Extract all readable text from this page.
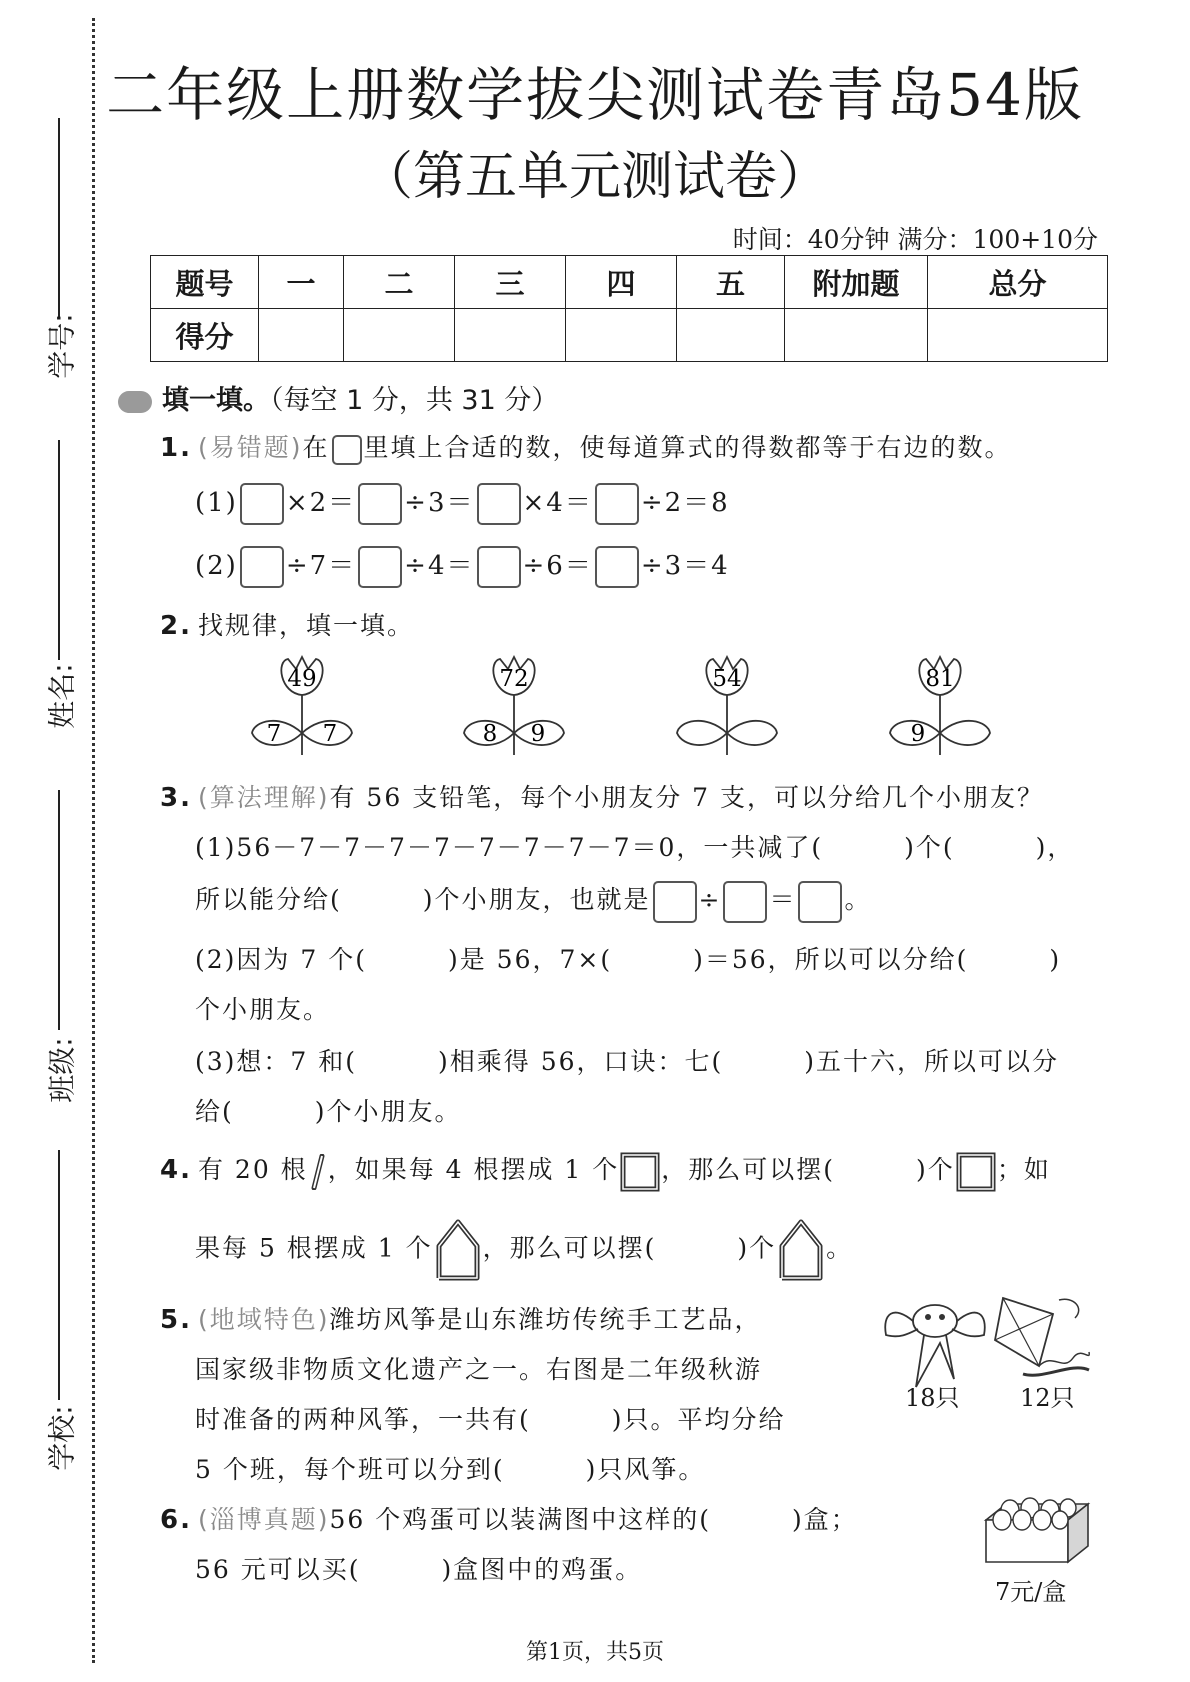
学号:
姓名:
班级:
学校:
二年级上册数学拔尖测试卷青岛54版
（第五单元测试卷）
时间：40分钟 满分：100+10分
题号	一	二	三	四	五	附加题	总分
得分							
填一填。（每空 1 分，共 31 分）
1. (易错题)在 里填上合适的数，使每道算式的得数都等于右边的数。
(1) ×2＝ ÷3＝ ×4＝ ÷2＝8
(2) ÷7＝ ÷4＝ ÷6＝ ÷3＝4
2. 找规律，填一填。
49
7 7
72
8 9
54	81
9
3. (算法理解)有 56 支铅笔，每个小朋友分 7 支，可以分给几个小朋友？
(1)56－7－7－7－7－7－7－7－7＝0，一共减了(　　　)个(　　　)，
所以能分给(　　　)个小朋友，也就是 ÷ ＝ 。
(2)因为 7 个(　　　)是 56，7×(　　　)＝56，所以可以分给(　　　)
个小朋友。
(3)想：7 和(　　　)相乘得 56，口诀：七(　　　)五十六，所以可以分
给(　　　)个小朋友。
4. 有 20 根 ，如果每 4 根摆成 1 个 ，那么可以摆(　　　)个 ；如
果每 5 根摆成 1 个 ，那么可以摆(　　　)个 。
5. (地域特色)潍坊风筝是山东潍坊传统手工艺品，
国家级非物质文化遗产之一。右图是二年级秋游
时准备的两种风筝，一共有(　　　)只。平均分给
5 个班，每个班可以分到(　　　)只风筝。
18只	12只
6. (淄博真题)56 个鸡蛋可以装满图中这样的(　　　)盒；
56 元可以买(　　　)盒图中的鸡蛋。
7元/盒
第1页，共5页
